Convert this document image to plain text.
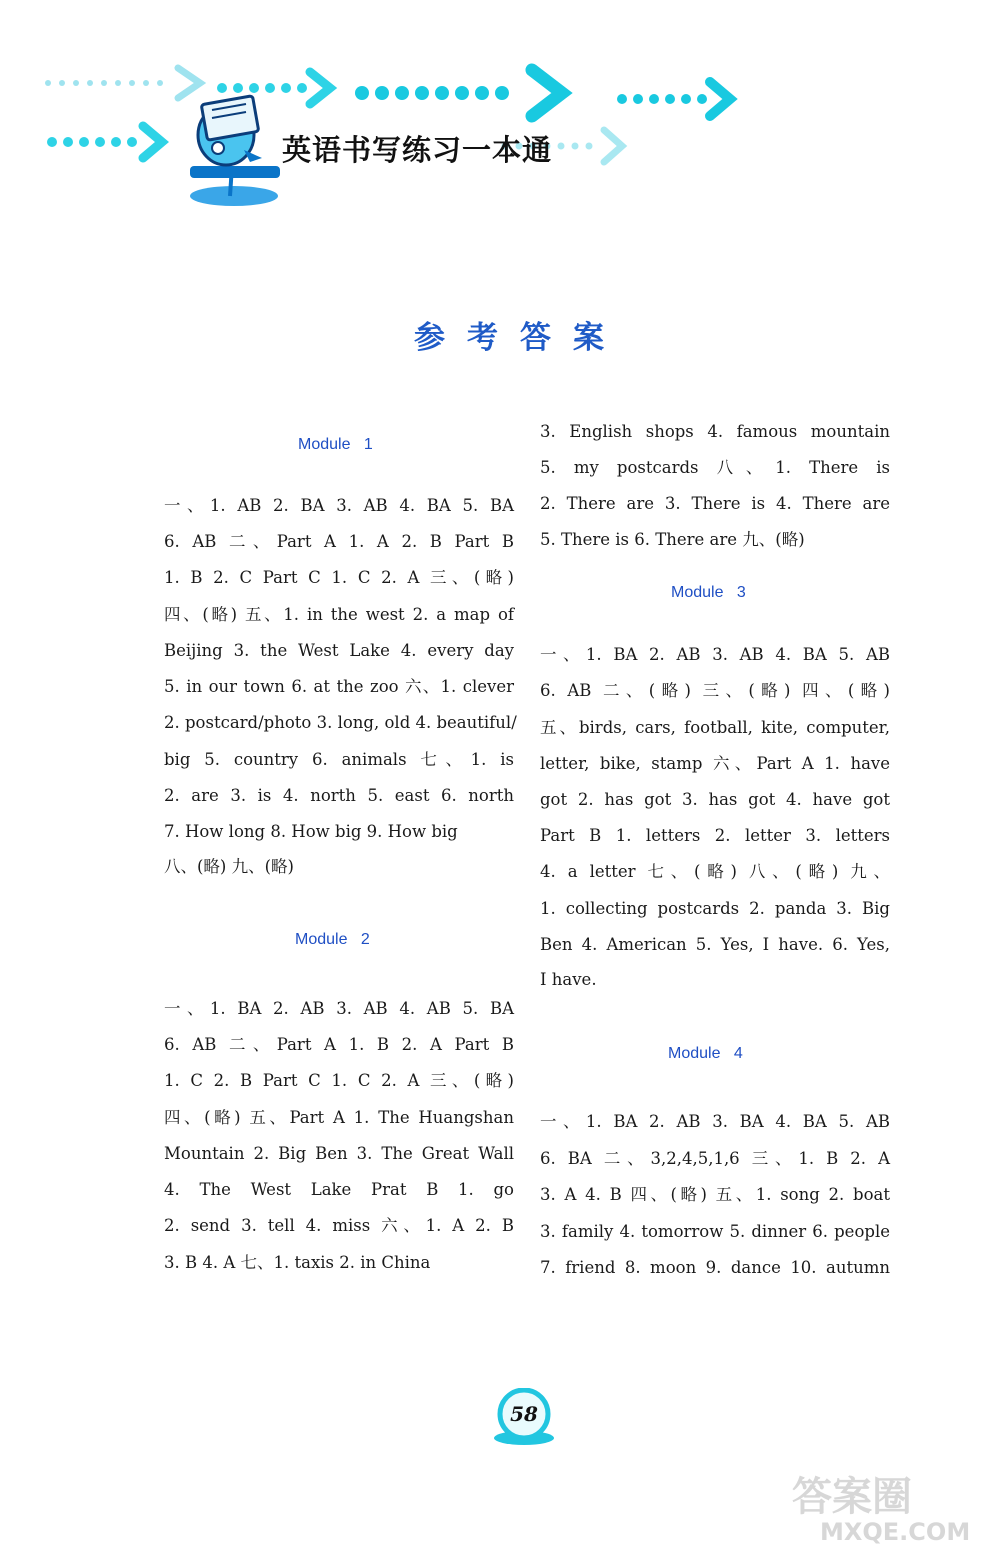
英语书写练习一本通
参考答案
Module   1
一、1. AB 2. BA 3. AB 4. BA 5. BA
6. AB 二、Part A 1. A 2. B Part B
1. B 2. C Part C 1. C 2. A 三、(略)
四、(略) 五、1. in the west 2. a map of
Beijing 3. the West Lake 4. every day
5. in our town 6. at the zoo 六、1. clever
2. postcard/photo 3. long, old 4. beautiful/
big 5. country 6. animals 七、1. is
2. are 3. is 4. north 5. east 6. north
7. How long 8. How big 9. How big
八、(略) 九、(略)
Module   2
一、1. BA 2. AB 3. AB 4. AB 5. BA
6. AB 二、Part A 1. B 2. A Part B
1. C 2. B Part C 1. C 2. A 三、(略)
四、(略) 五、Part A 1. The Huangshan
Mountain 2. Big Ben 3. The Great Wall
4. The West Lake Prat B 1. go
2. send 3. tell 4. miss 六、1. A 2. B
3. B 4. A 七、1. taxis 2. in China
3. English shops 4. famous mountain
5. my postcards 八、1. There is
2. There are 3. There is 4. There are
5. There is 6. There are 九、(略)
Module   3
一、1. BA 2. AB 3. AB 4. BA 5. AB
6. AB 二、(略) 三、(略) 四、(略)
五、birds, cars, football, kite, computer,
letter, bike, stamp 六、Part A 1. have
got 2. has got 3. has got 4. have got
Part B 1. letters 2. letter 3. letters
4. a letter 七、(略) 八、(略) 九、
1. collecting postcards 2. panda 3. Big
Ben 4. American 5. Yes, I have. 6. Yes,
I have.
Module   4
一、1. BA 2. AB 3. BA 4. BA 5. AB
6. BA 二、3,2,4,5,1,6 三、1. B 2. A
3. A 4. B 四、(略) 五、1. song 2. boat
3. family 4. tomorrow 5. dinner 6. people
7. friend 8. moon 9. dance 10. autumn
58
答案圈
MXQE.COM
